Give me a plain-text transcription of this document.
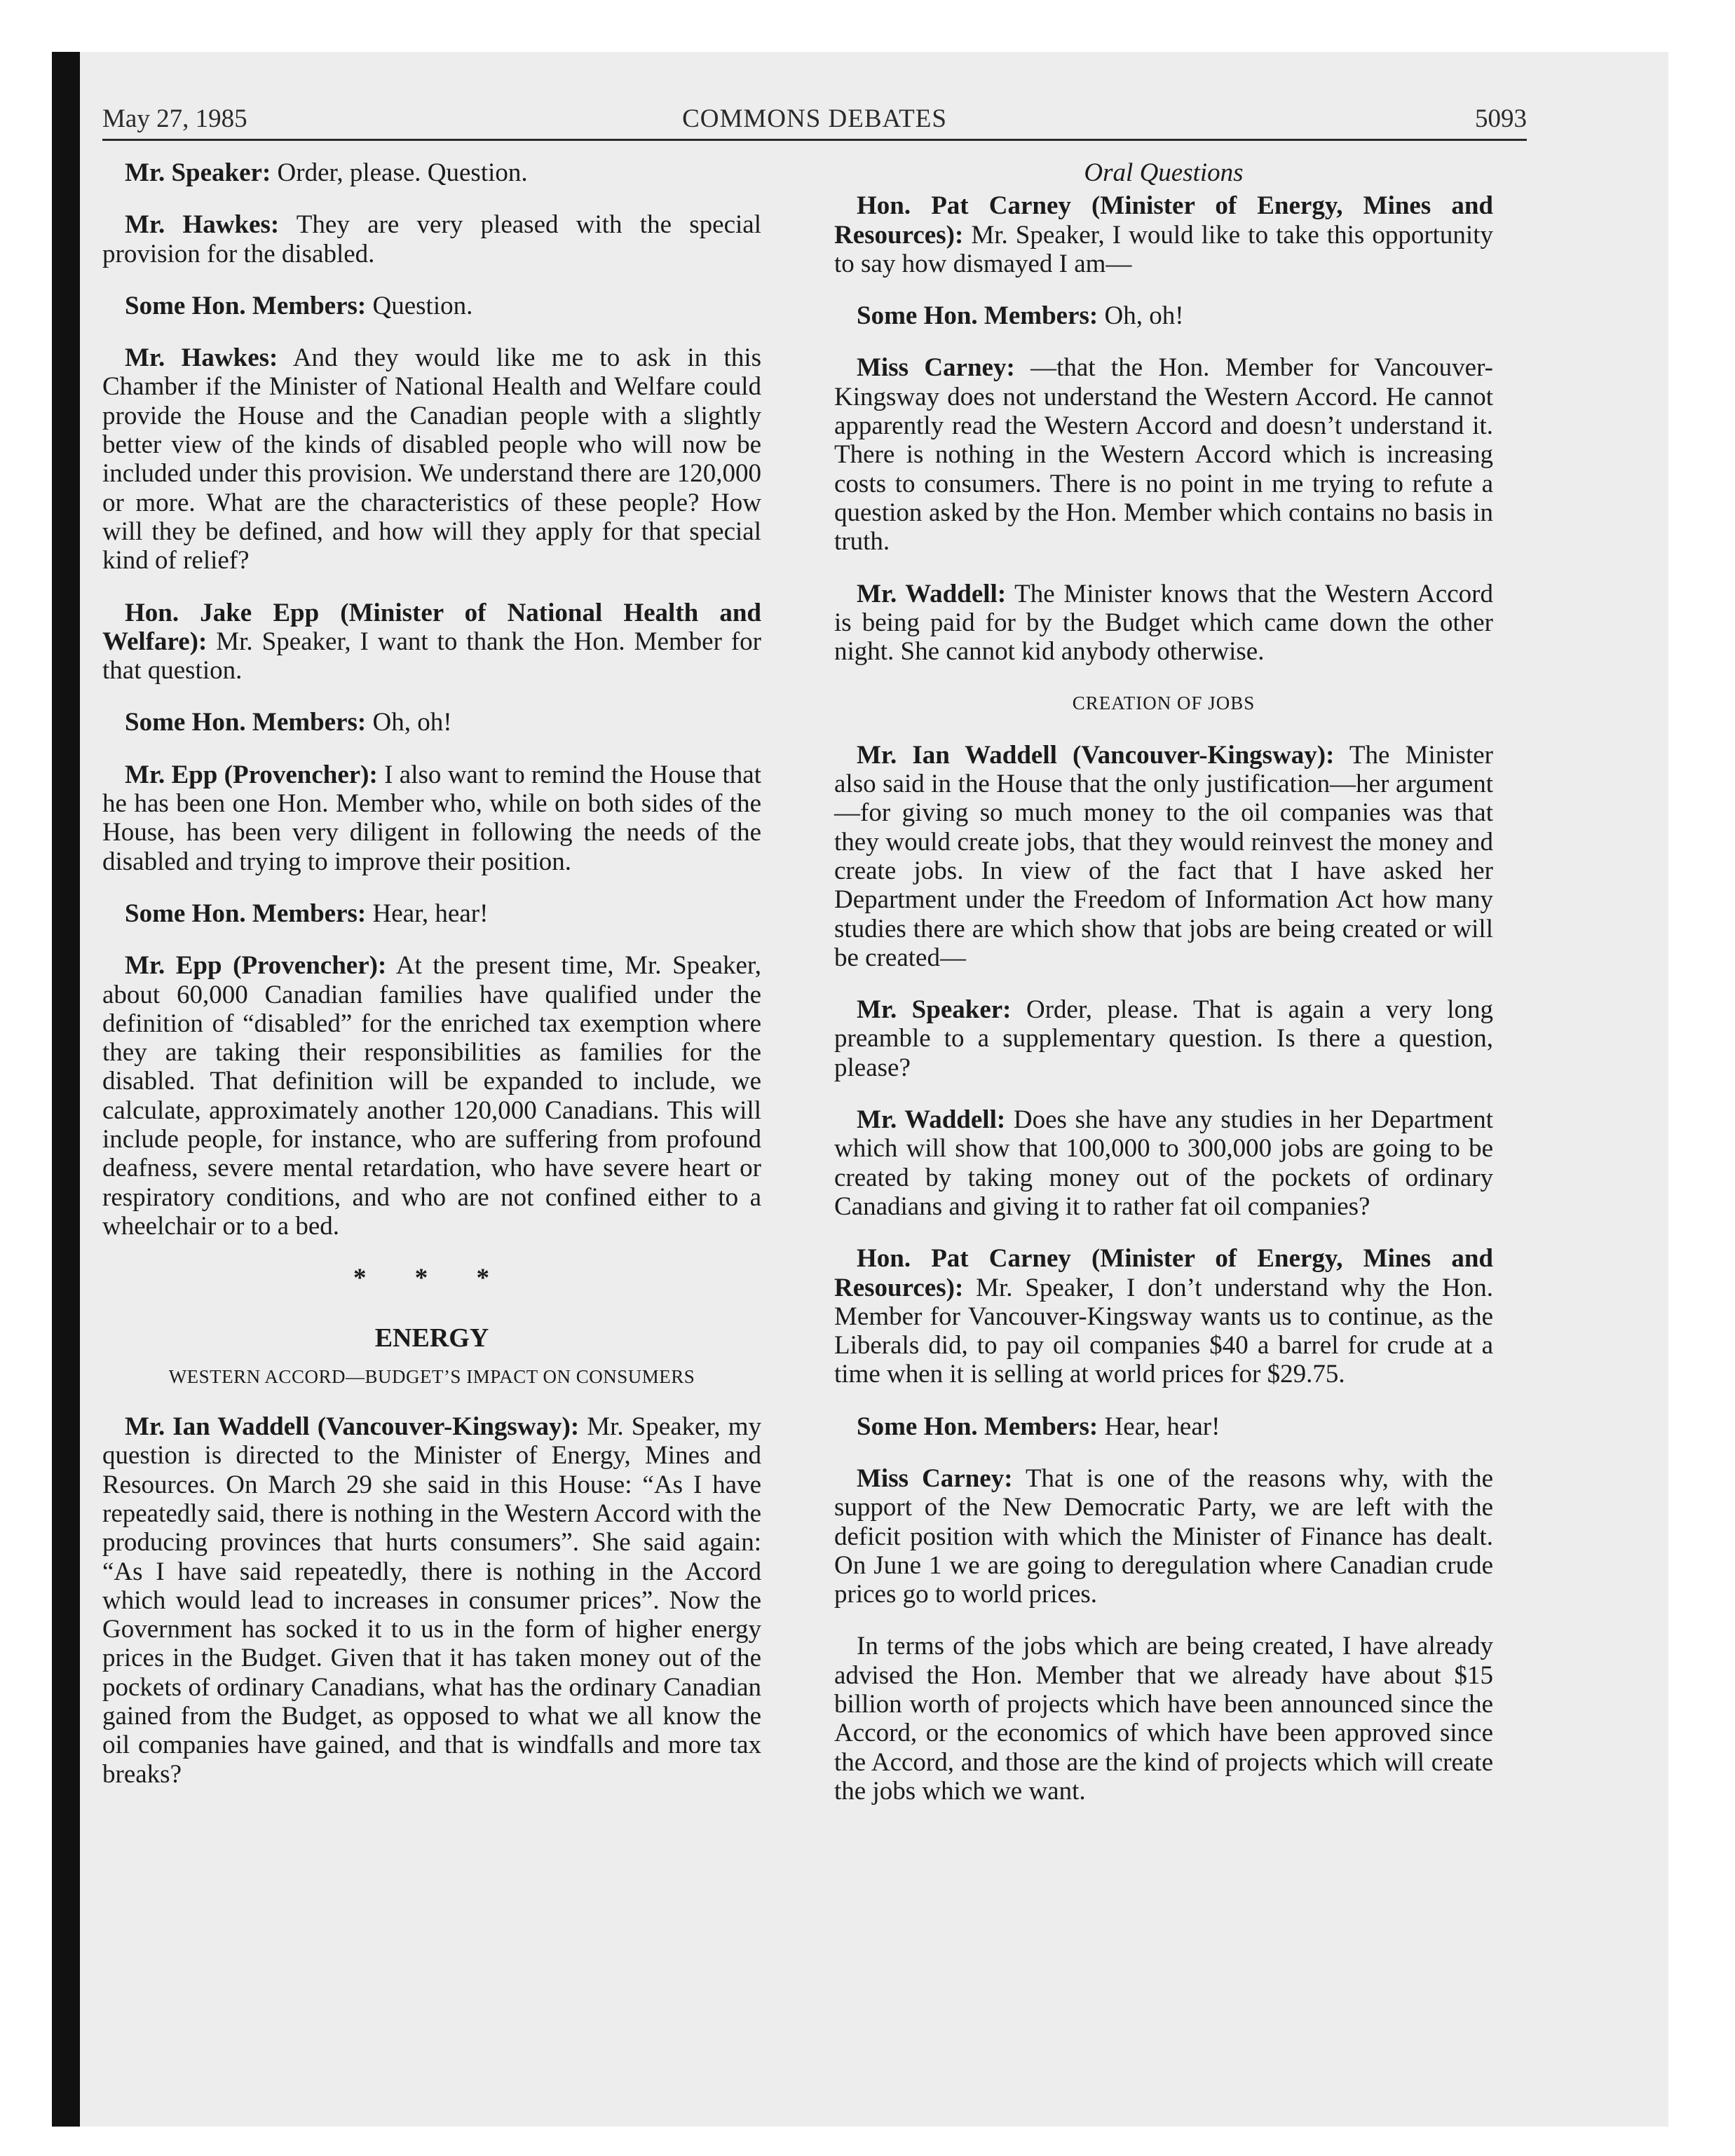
May 27, 1985	COMMONS DEBATES	5093

Mr. Speaker: Order, please. Question.

Mr. Hawkes: They are very pleased with the special provision for the disabled.

Some Hon. Members: Question.

Mr. Hawkes: And they would like me to ask in this Chamber if the Minister of National Health and Welfare could provide the House and the Canadian people with a slightly better view of the kinds of disabled people who will now be included under this provision. We understand there are 120,000 or more. What are the characteristics of these people? How will they be defined, and how will they apply for that special kind of relief?

Hon. Jake Epp (Minister of National Health and Welfare): Mr. Speaker, I want to thank the Hon. Member for that question.

Some Hon. Members: Oh, oh!

Mr. Epp (Provencher): I also want to remind the House that he has been one Hon. Member who, while on both sides of the House, has been very diligent in following the needs of the disabled and trying to improve their position.

Some Hon. Members: Hear, hear!

Mr. Epp (Provencher): At the present time, Mr. Speaker, about 60,000 Canadian families have qualified under the definition of “disabled” for the enriched tax exemption where they are taking their responsibilities as families for the disabled. That definition will be expanded to include, we calculate, approximately another 120,000 Canadians. This will include people, for instance, who are suffering from profound deafness, severe mental retardation, who have severe heart or respiratory conditions, and who are not confined either to a wheelchair or to a bed.

* * *
ENERGY
WESTERN ACCORD—BUDGET’S IMPACT ON CONSUMERS

Mr. Ian Waddell (Vancouver-Kingsway): Mr. Speaker, my question is directed to the Minister of Energy, Mines and Resources. On March 29 she said in this House: “As I have repeatedly said, there is nothing in the Western Accord with the producing provinces that hurts consumers”. She said again: “As I have said repeatedly, there is nothing in the Accord which would lead to increases in consumer prices”. Now the Government has socked it to us in the form of higher energy prices in the Budget. Given that it has taken money out of the pockets of ordinary Canadians, what has the ordinary Canadian gained from the Budget, as opposed to what we all know the oil companies have gained, and that is windfalls and more tax breaks?

Oral Questions

Hon. Pat Carney (Minister of Energy, Mines and Resources): Mr. Speaker, I would like to take this opportunity to say how dismayed I am—

Some Hon. Members: Oh, oh!

Miss Carney: —that the Hon. Member for Vancouver-Kingsway does not understand the Western Accord. He cannot apparently read the Western Accord and doesn’t understand it. There is nothing in the Western Accord which is increasing costs to consumers. There is no point in me trying to refute a question asked by the Hon. Member which contains no basis in truth.

Mr. Waddell: The Minister knows that the Western Accord is being paid for by the Budget which came down the other night. She cannot kid anybody otherwise.

CREATION OF JOBS

Mr. Ian Waddell (Vancouver-Kingsway): The Minister also said in the House that the only justification—her argument—for giving so much money to the oil companies was that they would create jobs, that they would reinvest the money and create jobs. In view of the fact that I have asked her Department under the Freedom of Information Act how many studies there are which show that jobs are being created or will be created—

Mr. Speaker: Order, please. That is again a very long preamble to a supplementary question. Is there a question, please?

Mr. Waddell: Does she have any studies in her Department which will show that 100,000 to 300,000 jobs are going to be created by taking money out of the pockets of ordinary Canadians and giving it to rather fat oil companies?

Hon. Pat Carney (Minister of Energy, Mines and Resources): Mr. Speaker, I don’t understand why the Hon. Member for Vancouver-Kingsway wants us to continue, as the Liberals did, to pay oil companies $40 a barrel for crude at a time when it is selling at world prices for $29.75.

Some Hon. Members: Hear, hear!

Miss Carney: That is one of the reasons why, with the support of the New Democratic Party, we are left with the deficit position with which the Minister of Finance has dealt. On June 1 we are going to deregulation where Canadian crude prices go to world prices.

In terms of the jobs which are being created, I have already advised the Hon. Member that we already have about $15 billion worth of projects which have been announced since the Accord, or the economics of which have been approved since the Accord, and those are the kind of projects which will create the jobs which we want.
